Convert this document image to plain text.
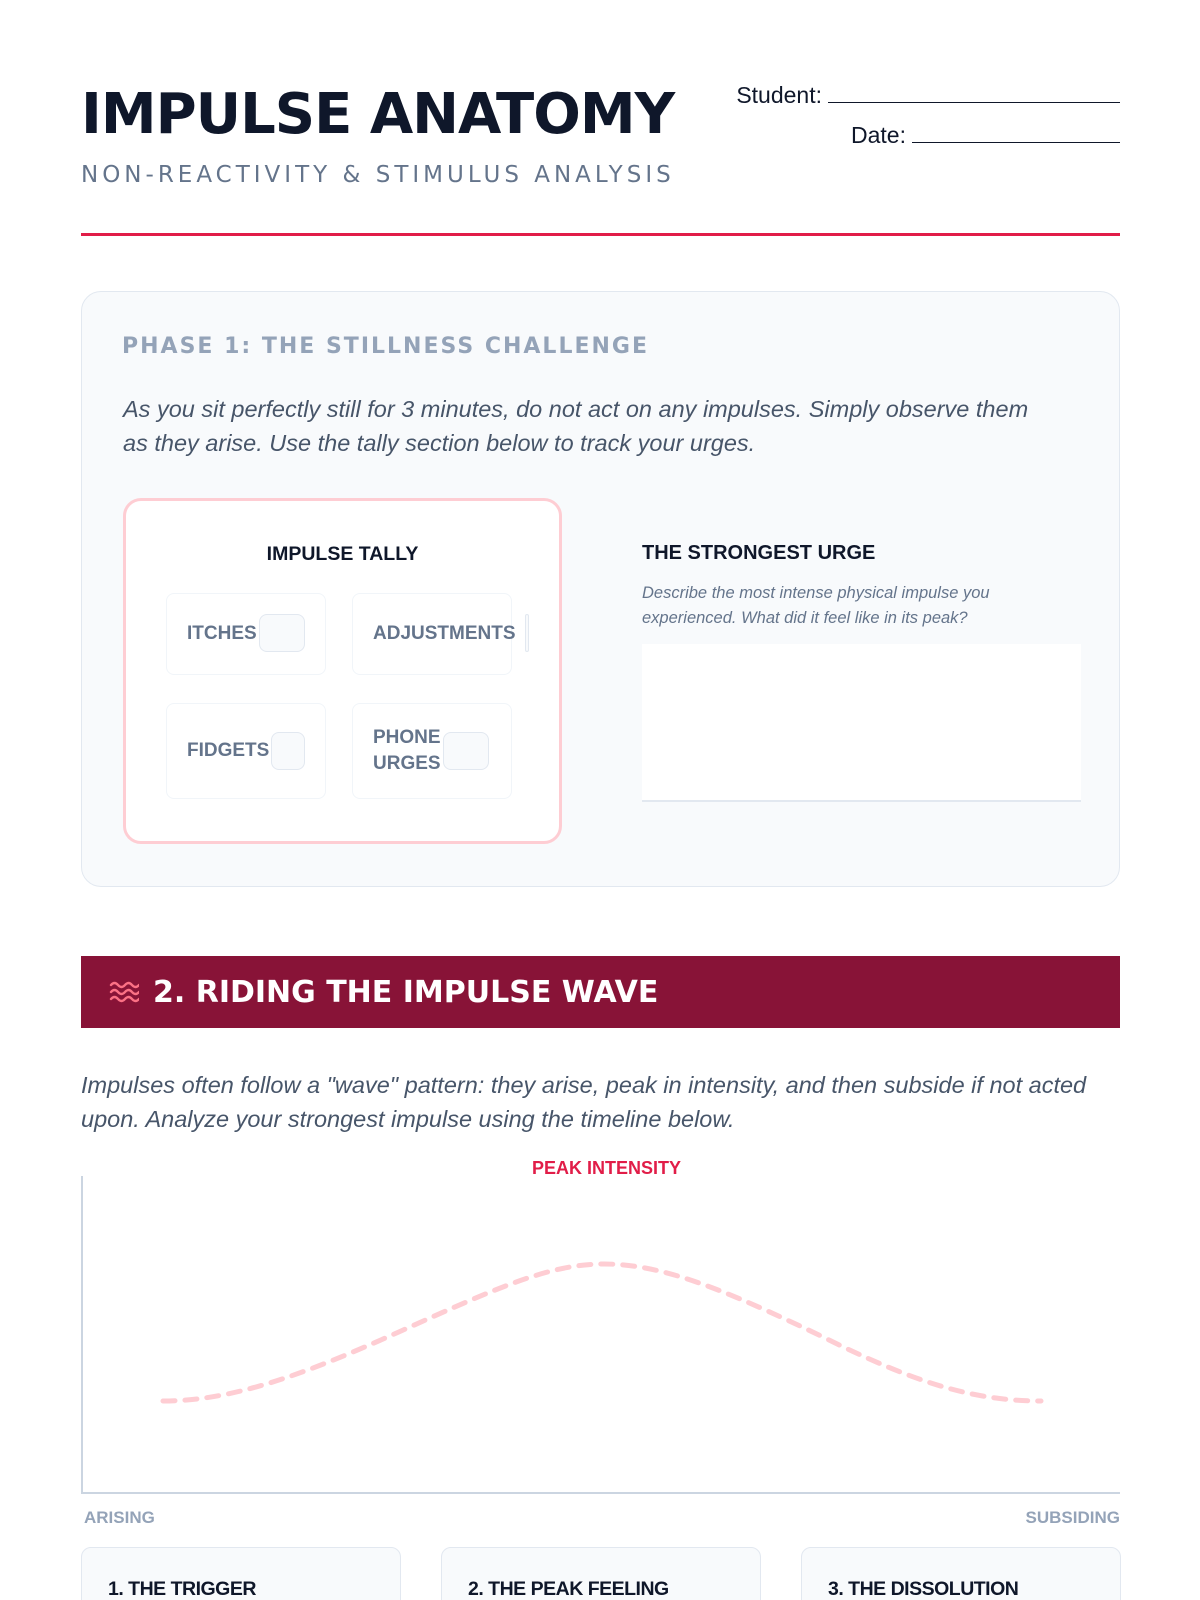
IMPULSE ANATOMY
NON-REACTIVITY & STIMULUS ANALYSIS
Student:
Date:
PHASE 1: THE STILLNESS CHALLENGE
As you sit perfectly still for 3 minutes, do not act on any impulses. Simply observe them as they arise. Use the tally section below to track your urges.
IMPULSE TALLY
ITCHES	ADJUSTMENTS
FIDGETS
PHONE URGES
THE STRONGEST URGE
Describe the most intense physical impulse you experienced. What did it feel like in its peak?
2. RIDING THE IMPULSE WAVE
Impulses often follow a "wave" pattern: they arise, peak in intensity, and then subside if not acted upon. Analyze your strongest impulse using the timeline below.
PEAK INTENSITY
ARISING	SUBSIDING
1. THE TRIGGER	2. THE PEAK FEELING	3. THE DISSOLUTION
